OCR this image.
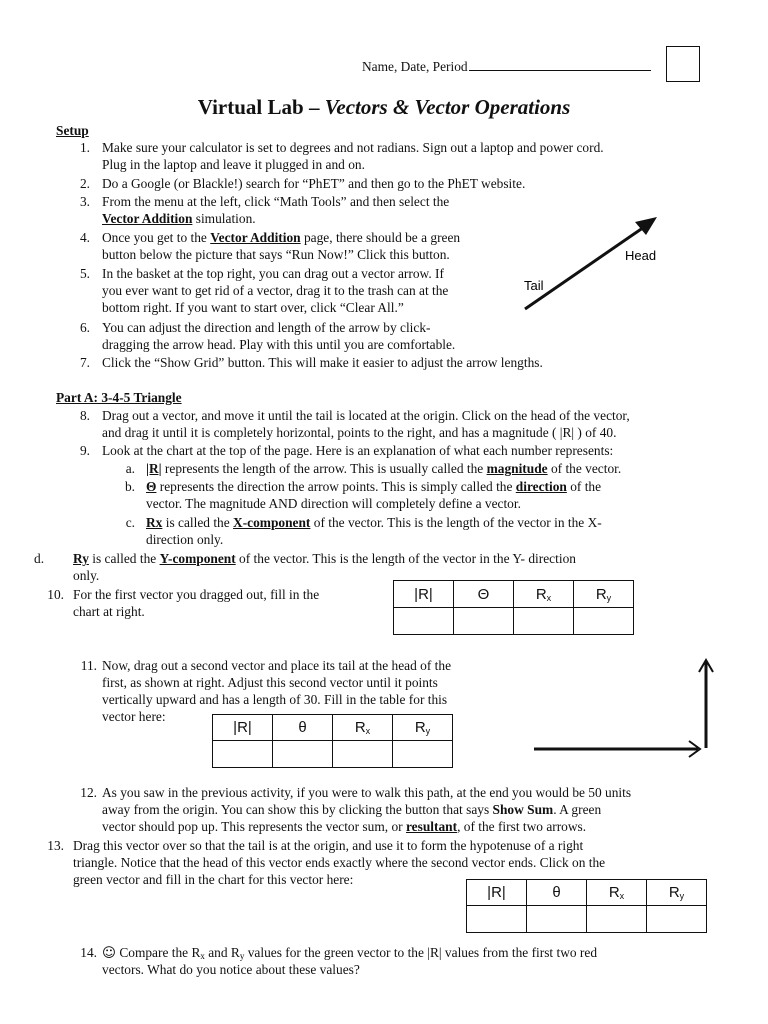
Name, Date, Period
Virtual Lab – Vectors & Vector Operations
Setup
1. Make sure your calculator is set to degrees and not radians. Sign out a laptop and power cord.
Plug in the laptop and leave it plugged in and on.
2. Do a Google (or Blackle!) search for “PhET” and then go to the PhET website.
3. From the menu at the left, click “Math Tools” and then select the
Vector Addition simulation.
4. Once you get to the Vector Addition page, there should be a green
button below the picture that says “Run Now!” Click this button.
5. In the basket at the top right, you can drag out a vector arrow. If
you ever want to get rid of a vector, drag it to the trash can at the
bottom right. If you want to start over, click “Clear All.”
6. You can adjust the direction and length of the arrow by click-
dragging the arrow head. Play with this until you are comfortable.
7. Click the “Show Grid” button. This will make it easier to adjust the arrow lengths.
Head
Tail
Part A: 3-4-5 Triangle
8. Drag out a vector, and move it until the tail is located at the origin. Click on the head of the vector,
and drag it until it is completely horizontal, points to the right, and has a magnitude ( |R| ) of 40.
9. Look at the chart at the top of the page. Here is an explanation of what each number represents:
a. |R| represents the length of the arrow. This is usually called the magnitude of the vector.
b. Θ represents the direction the arrow points. This is simply called the direction of the
vector. The magnitude AND direction will completely define a vector.
c. Rx is called the X-component of the vector. This is the length of the vector in the X-
direction only.
d.	Ry is called the Y-component of the vector. This is the length of the vector in the Y- direction
only.
10. For the first vector you dragged out, fill in the
chart at right.
|R|	Θ	$R_x$	$R_y$

11. Now, drag out a second vector and place its tail at the head of the
first, as shown at right. Adjust this second vector until it points
vertically upward and has a length of 30. Fill in the table for this
vector here:
|R|	θ	$R_x$	$R_y$

12. As you saw in the previous activity, if you were to walk this path, at the end you would be 50 units
away from the origin. You can show this by clicking the button that says Show Sum. A green
vector should pop up. This represents the vector sum, or resultant, of the first two arrows.
13. Drag this vector over so that the tail is at the origin, and use it to form the hypotenuse of a right
triangle. Notice that the head of this vector ends exactly where the second vector ends. Click on the
green vector and fill in the chart for this vector here:
|R|	θ	$R_x$	$R_y$

14. ☺ Compare the $R_x$ and $R_y$ values for the green vector to the |R| values from the first two red
vectors. What do you notice about these values?
